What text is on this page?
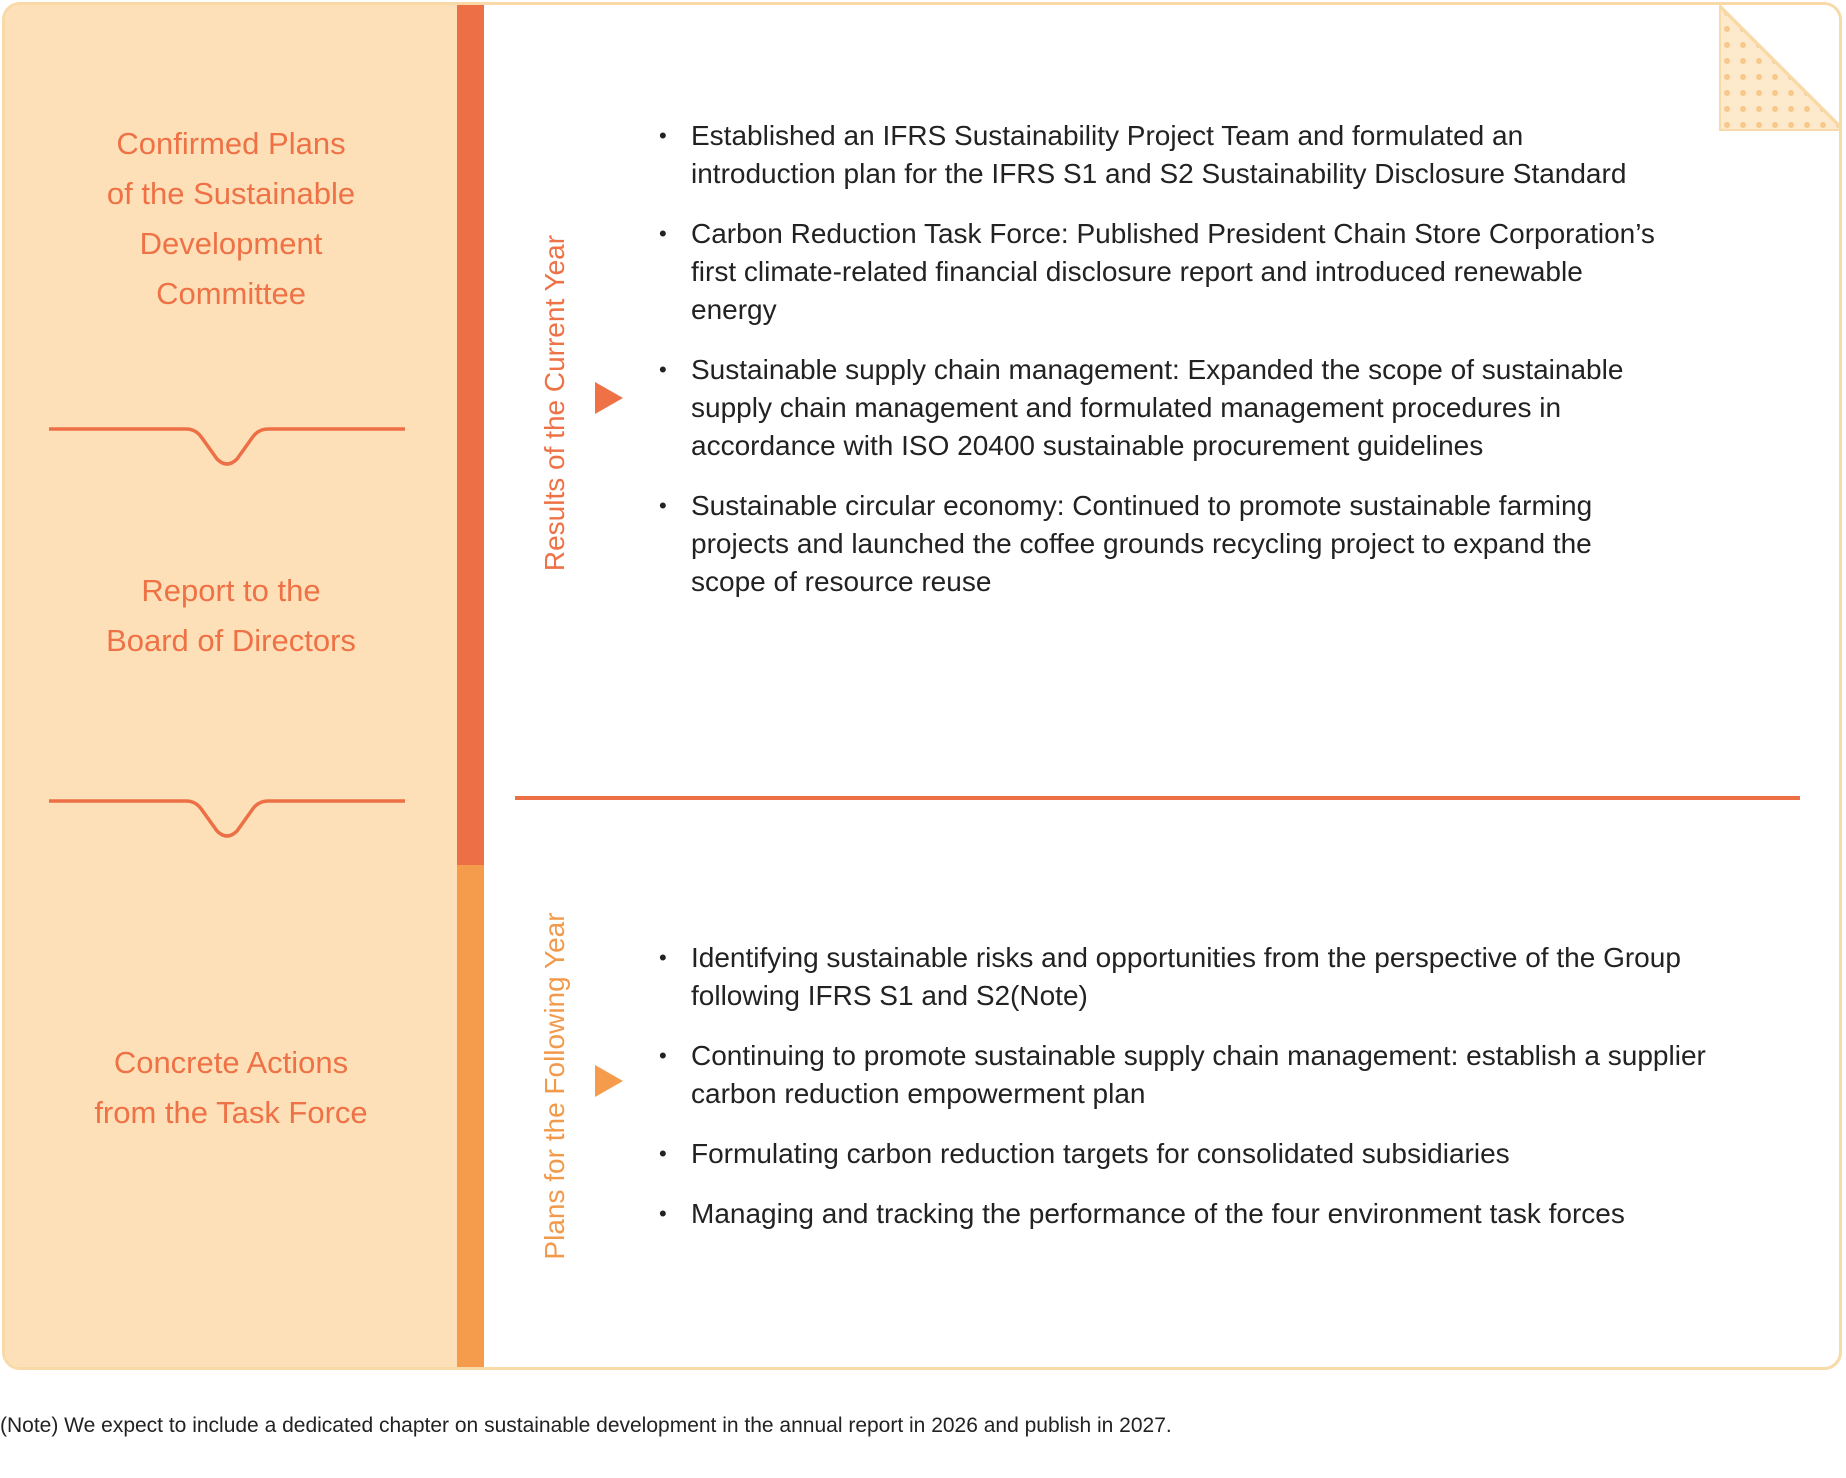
Confirmed Plans
of the Sustainable
Development
Committee
Report to the
Board of Directors
Concrete Actions
from the Task Force
Results of the Current Year
• Established an IFRS Sustainability Project Team and formulated an introduction plan for the IFRS S1 and S2 Sustainability Disclosure Standard
• Carbon Reduction Task Force: Published President Chain Store Corporation’s first climate-related financial disclosure report and introduced renewable energy
• Sustainable supply chain management: Expanded the scope of sustainable supply chain management and formulated management procedures in accordance with ISO 20400 sustainable procurement guidelines
• Sustainable circular economy: Continued to promote sustainable farming projects and launched the coffee grounds recycling project to expand the scope of resource reuse
Plans for the Following Year
•	Identifying sustainable risks and opportunities from the perspective of the Group following IFRS S1 and S2(Note)
• Continuing to promote sustainable supply chain management: establish a supplier carbon reduction empowerment plan
• Formulating carbon reduction targets for consolidated subsidiaries
• Managing and tracking the performance of the four environment task forces
(Note) We expect to include a dedicated chapter on sustainable development in the annual report in 2026 and publish in 2027.
